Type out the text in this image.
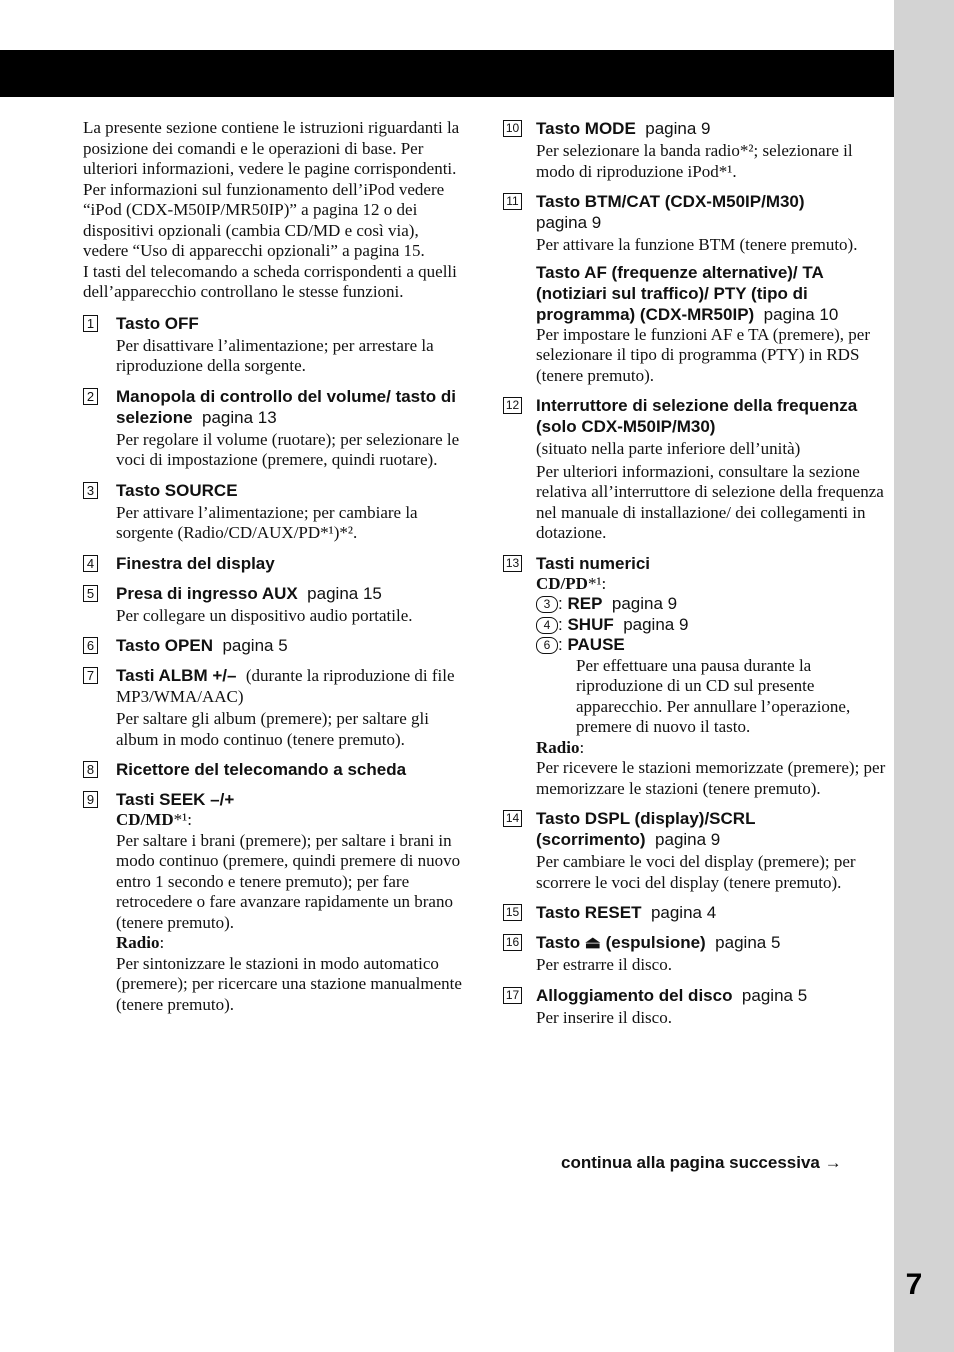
7

La presente sezione contiene le istruzioni riguardanti la posizione dei comandi e le operazioni di base. Per ulteriori informazioni, vedere le pagine corrispondenti.

Per informazioni sul funzionamento dell’iPod vedere “iPod (CDX-M50IP/MR50IP)” a pagina 12 o dei dispositivi opzionali (cambia CD/MD e così via), vedere “Uso di apparecchi opzionali” a pagina 15.

I tasti del telecomando a scheda corrispondenti a quelli dell’apparecchio controllano le stesse funzioni.

1 Tasto OFF
Per disattivare l’alimentazione; per arrestare la riproduzione della sorgente.
2 Manopola di controllo del volume/ tasto di selezione pagina 13
Per regolare il volume (ruotare); per selezionare le voci di impostazione (premere, quindi ruotare).
3 Tasto SOURCE
Per attivare l’alimentazione; per cambiare la sorgente (Radio/CD/AUX/PD*¹)*².
4 Finestra del display
5 Presa di ingresso AUX pagina 15
Per collegare un dispositivo audio portatile.
6 Tasto OPEN pagina 5
7 Tasti ALBM +/– (durante la riproduzione di file MP3/WMA/AAC)
Per saltare gli album (premere); per saltare gli album in modo continuo (tenere premuto).
8 Ricettore del telecomando a scheda
9 Tasti SEEK –/+
CD/MD*¹:
Per saltare i brani (premere); per saltare i brani in modo continuo (premere, quindi premere di nuovo entro 1 secondo e tenere premuto); per fare retrocedere o fare avanzare rapidamente un brano (tenere premuto).
Radio:
Per sintonizzare le stazioni in modo automatico (premere); per ricercare una stazione manualmente (tenere premuto).
10 Tasto MODE pagina 9
Per selezionare la banda radio*²; selezionare il modo di riproduzione iPod*¹.
11 Tasto BTM/CAT (CDX-M50IP/M30)
pagina 9
Per attivare la funzione BTM (tenere premuto).
Tasto AF (frequenze alternative)/ TA (notiziari sul traffico)/ PTY (tipo di programma) (CDX-MR50IP) pagina 10
Per impostare le funzioni AF e TA (premere), per selezionare il tipo di programma (PTY) in RDS (tenere premuto).
12 Interruttore di selezione della frequenza (solo CDX-M50IP/M30)
(situato nella parte inferiore dell’unità)
Per ulteriori informazioni, consultare la sezione relativa all’interruttore di selezione della frequenza nel manuale di installazione/ dei collegamenti in dotazione.
13 Tasti numerici
CD/PD*¹:
3 : REP pagina 9
4 : SHUF pagina 9
6 : PAUSE
Per effettuare una pausa durante la riproduzione di un CD sul presente apparecchio. Per annullare l’operazione, premere di nuovo il tasto.
Radio:
Per ricevere le stazioni memorizzate (premere); per memorizzare le stazioni (tenere premuto).
14 Tasto DSPL (display)/SCRL (scorrimento) pagina 9
Per cambiare le voci del display (premere); per scorrere le voci del display (tenere premuto).
15 Tasto RESET pagina 4
16 Tasto ⏏ (espulsione) pagina 5
Per estrarre il disco.
17 Alloggiamento del disco pagina 5
Per inserire il disco.
continua alla pagina successiva →
